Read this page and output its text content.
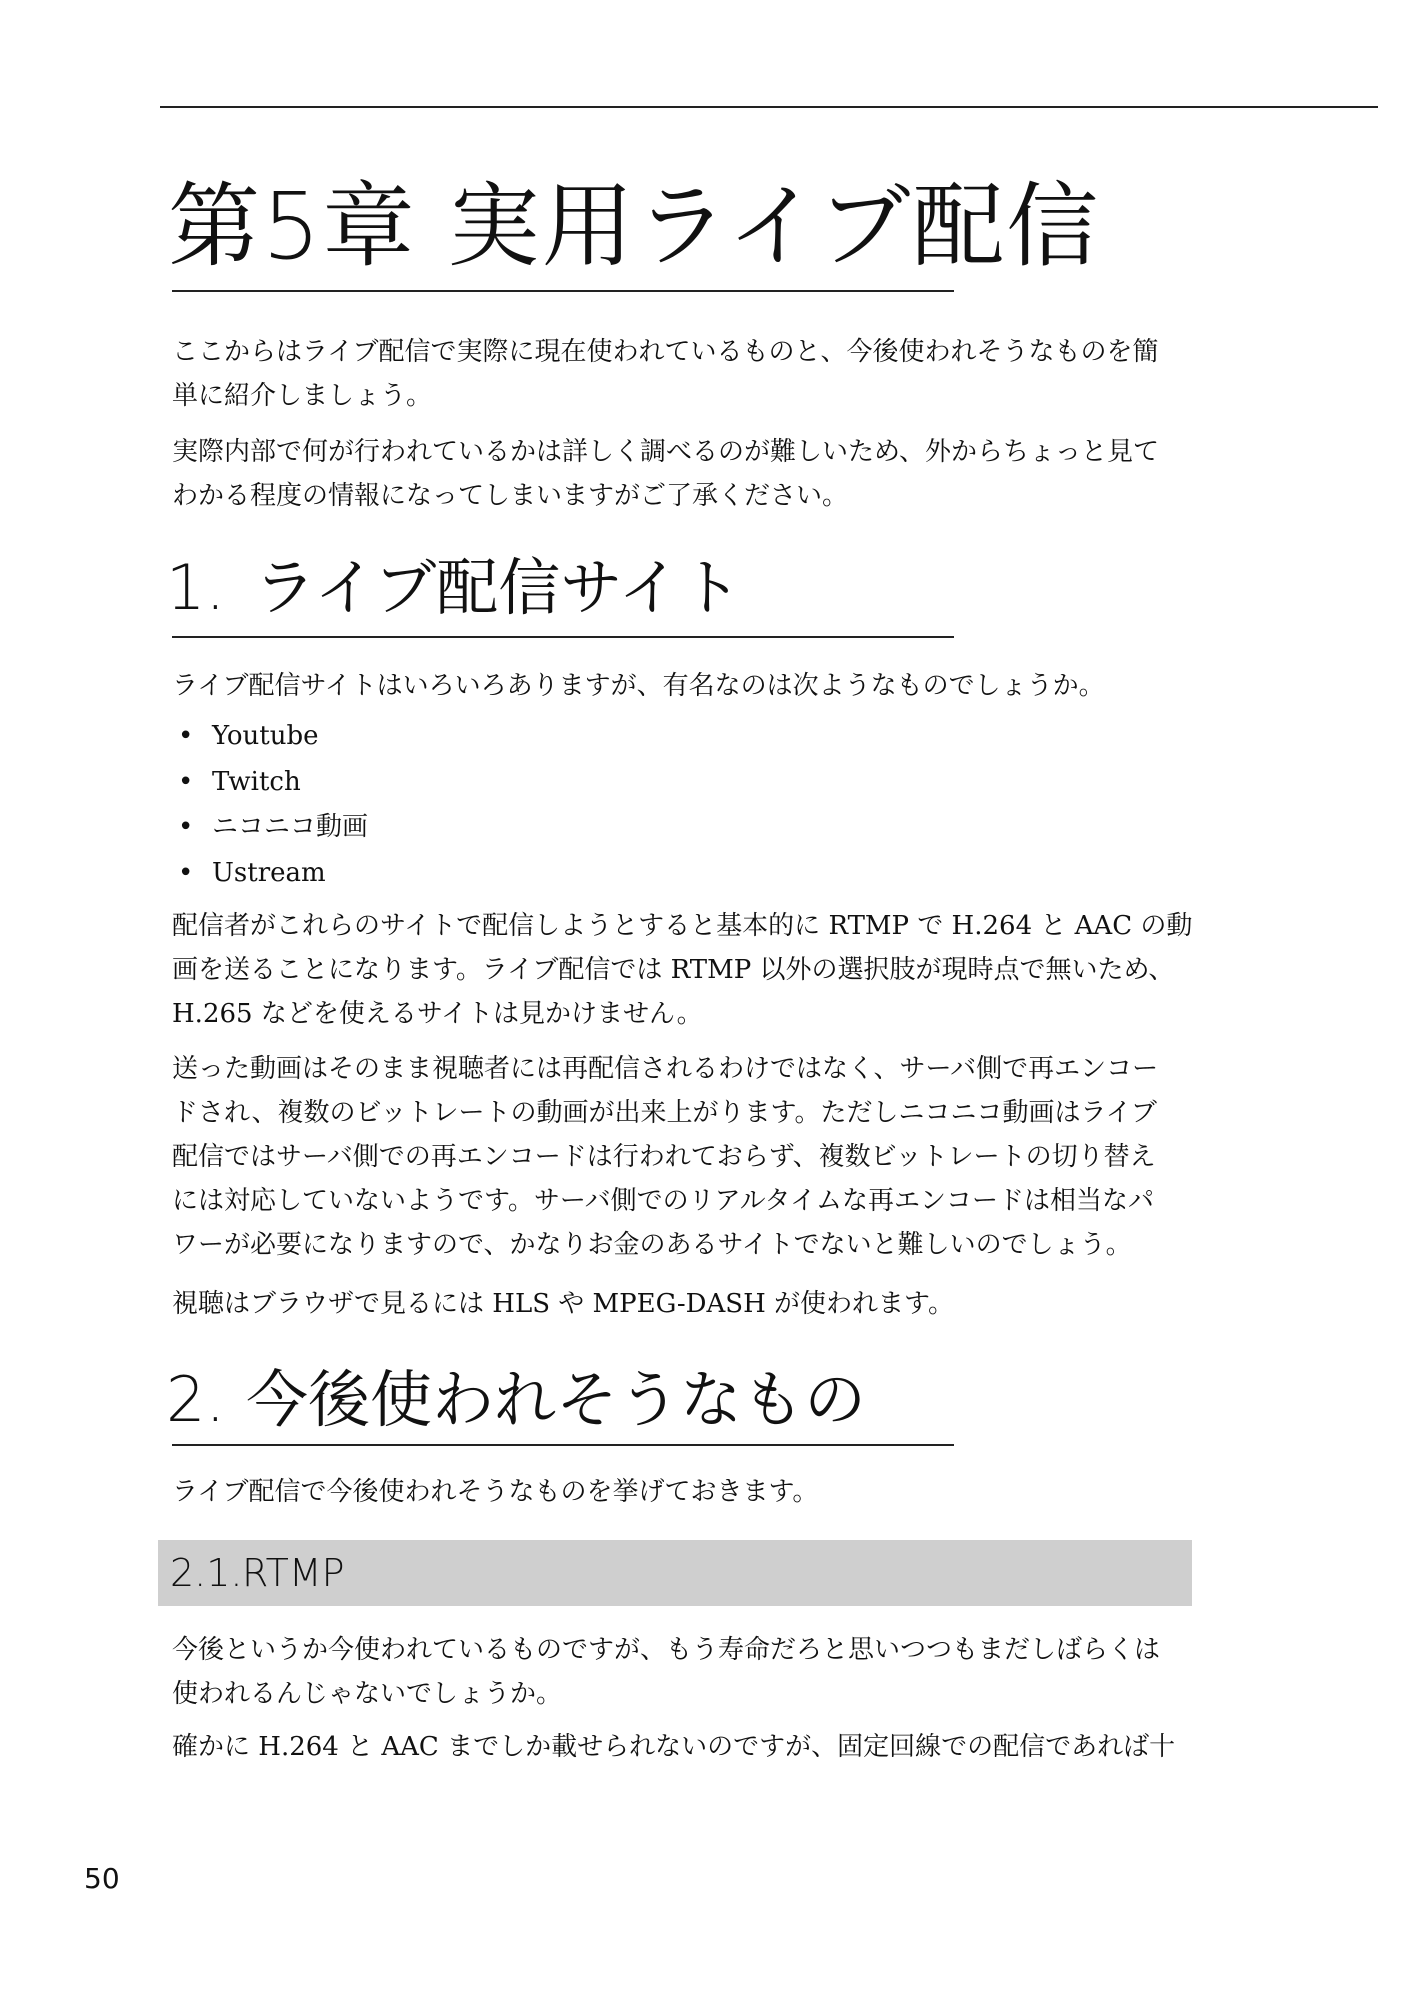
第5章 実用ライブ配信
ここからはライブ配信で実際に現在使われているものと、今後使われそうなものを簡
単に紹介しましょう。
実際内部で何が行われているかは詳しく調べるのが難しいため、外からちょっと見て
わかる程度の情報になってしまいますがご了承ください。
1. ライブ配信サイト
ライブ配信サイトはいろいろありますが、有名なのは次ようなものでしょうか。
• Youtube
• Twitch
• ニコニコ動画
• Ustream
配信者がこれらのサイトで配信しようとすると基本的に RTMP で H.264 と AAC の動
画を送ることになります。ライブ配信では RTMP 以外の選択肢が現時点で無いため、
H.265 などを使えるサイトは見かけません。
送った動画はそのまま視聴者には再配信されるわけではなく、サーバ側で再エンコー
ドされ、複数のビットレートの動画が出来上がります。ただしニコニコ動画はライブ
配信ではサーバ側での再エンコードは行われておらず、複数ビットレートの切り替え
には対応していないようです。サーバ側でのリアルタイムな再エンコードは相当なパ
ワーが必要になりますので、かなりお金のあるサイトでないと難しいのでしょう。
視聴はブラウザで見るには HLS や MPEG-DASH が使われます。
2. 今後使われそうなもの
ライブ配信で今後使われそうなものを挙げておきます。
2.1.RTMP
今後というか今使われているものですが、もう寿命だろと思いつつもまだしばらくは
使われるんじゃないでしょうか。
確かに H.264 と AAC までしか載せられないのですが、固定回線での配信であれば十
50
